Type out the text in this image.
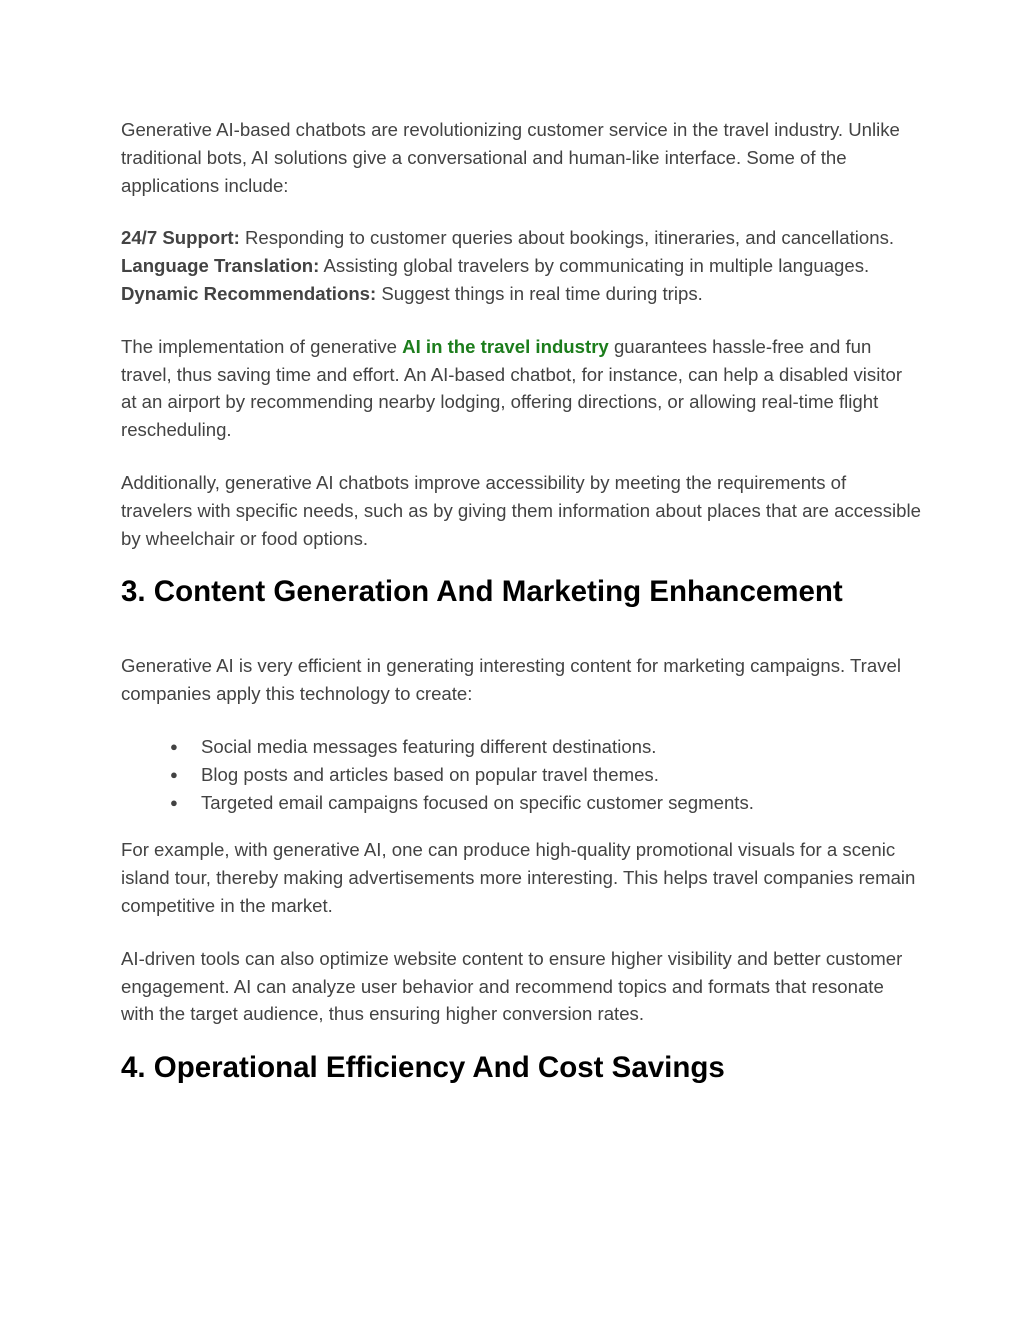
Generative AI-based chatbots are revolutionizing customer service in the travel industry. Unlike traditional bots, AI solutions give a conversational and human-like interface. Some of the applications include:

24/7 Support: Responding to customer queries about bookings, itineraries, and cancellations.

Language Translation: Assisting global travelers by communicating in multiple languages.

Dynamic Recommendations: Suggest things in real time during trips.

The implementation of generative AI in the travel industry guarantees hassle-free and fun travel, thus saving time and effort. An AI-based chatbot, for instance, can help a disabled visitor at an airport by recommending nearby lodging, offering directions, or allowing real-time flight rescheduling.

Additionally, generative AI chatbots improve accessibility by meeting the requirements of travelers with specific needs, such as by giving them information about places that are accessible by wheelchair or food options.

3. Content Generation And Marketing Enhancement

Generative AI is very efficient in generating interesting content for marketing campaigns. Travel companies apply this technology to create:

● Social media messages featuring different destinations.
● Blog posts and articles based on popular travel themes.
● Targeted email campaigns focused on specific customer segments.

For example, with generative AI, one can produce high-quality promotional visuals for a scenic island tour, thereby making advertisements more interesting. This helps travel companies remain competitive in the market.

AI-driven tools can also optimize website content to ensure higher visibility and better customer engagement. AI can analyze user behavior and recommend topics and formats that resonate with the target audience, thus ensuring higher conversion rates.

4. Operational Efficiency And Cost Savings
